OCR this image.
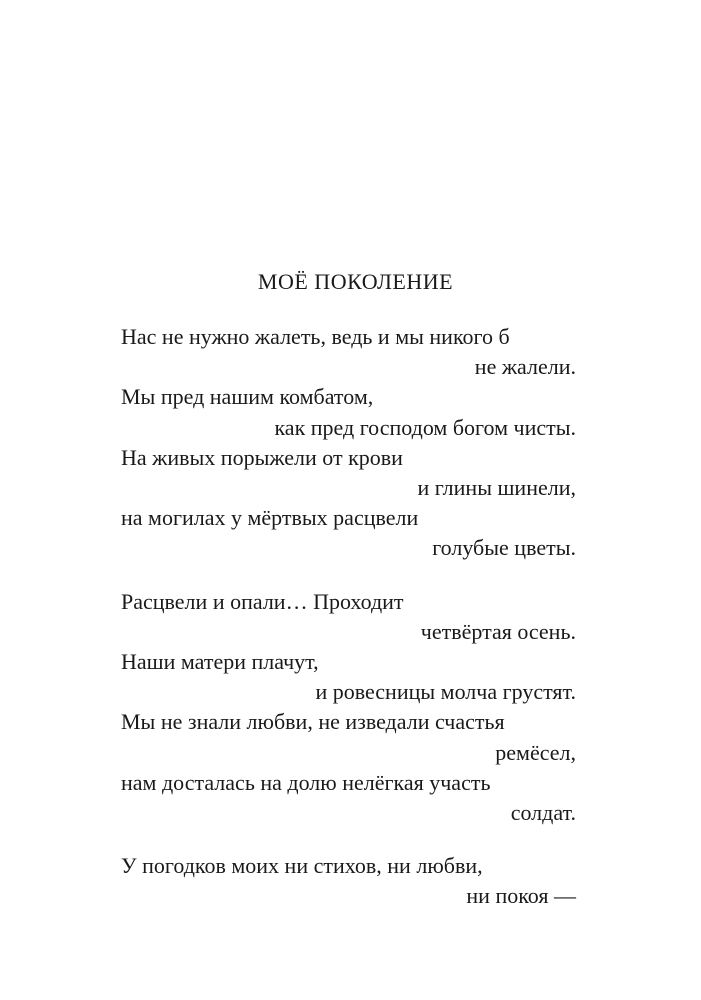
МОЁ ПОКОЛЕНИЕ
Нас не нужно жалеть, ведь и мы никого б
не жалели.
Мы пред нашим комбатом,
как пред господом богом чисты.
На живых порыжели от крови
и глины шинели,
на могилах у мёртвых расцвели
голубые цветы.
Расцвели и опали… Проходит
четвёртая осень.
Наши матери плачут,
и ровесницы молча грустят.
Мы не знали любви, не изведали счастья
ремёсел,
нам досталась на долю нелёгкая участь
солдат.
У погодков моих ни стихов, ни любви,
ни покоя —
